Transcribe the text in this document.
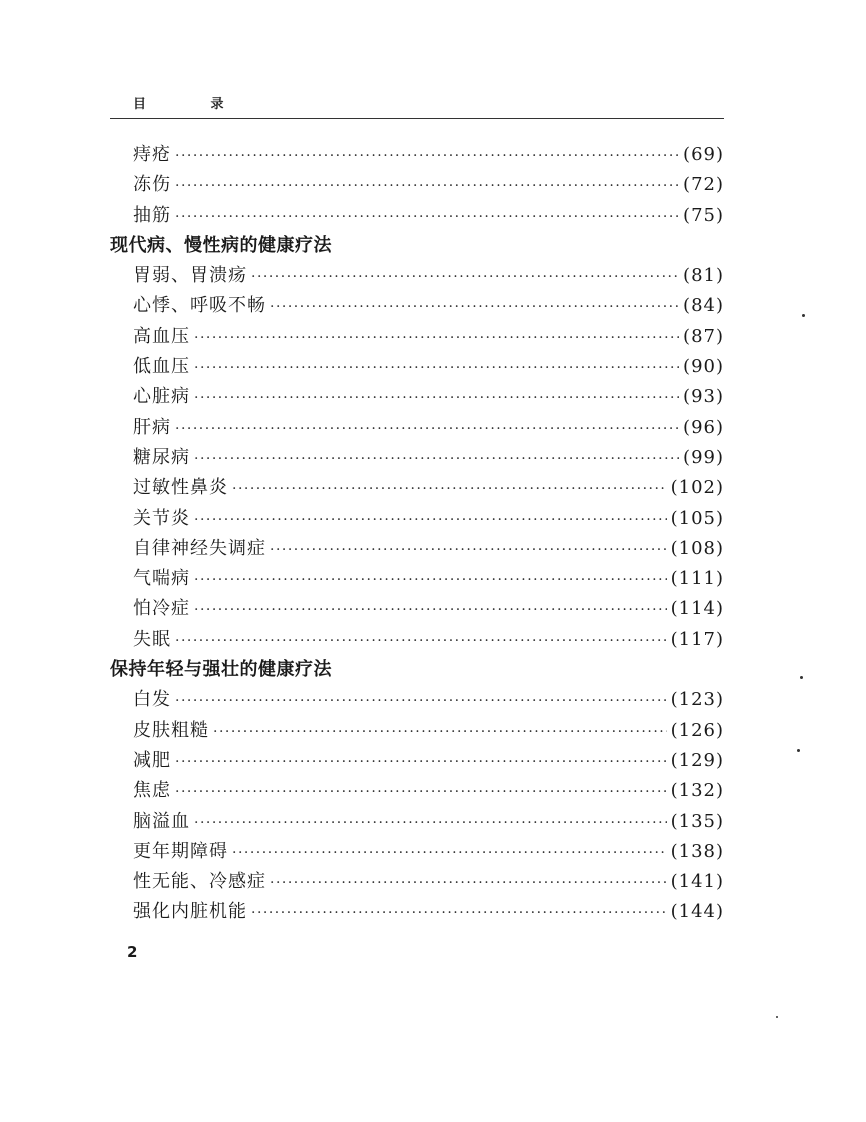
目 录
痔疮 ·····	(69)
冻伤 ·····	(72)
抽筋 ·····	(75)
现代病、慢性病的健康疗法
胃弱、胃溃疡 ·····	(81)
心悸、呼吸不畅 ·····	(84)
高血压 ·····	(87)
低血压 ·····	(90)
心脏病 ·····	(93)
肝病 ·····	(96)
糖尿病 ·····	(99)
过敏性鼻炎 ·····	(102)
关节炎 ·····	(105)
自律神经失调症 ·····	(108)
气喘病 ·····	(111)
怕冷症 ·····	(114)
失眠 ·····	(117)
保持年轻与强壮的健康疗法
白发 ·····	(123)
皮肤粗糙 ·····	(126)
减肥 ·····	(129)
焦虑 ·····	(132)
脑溢血 ·····	(135)
更年期障碍 ·····	(138)
性无能、冷感症 ·····	(141)
强化内脏机能 ·····	(144)
2
